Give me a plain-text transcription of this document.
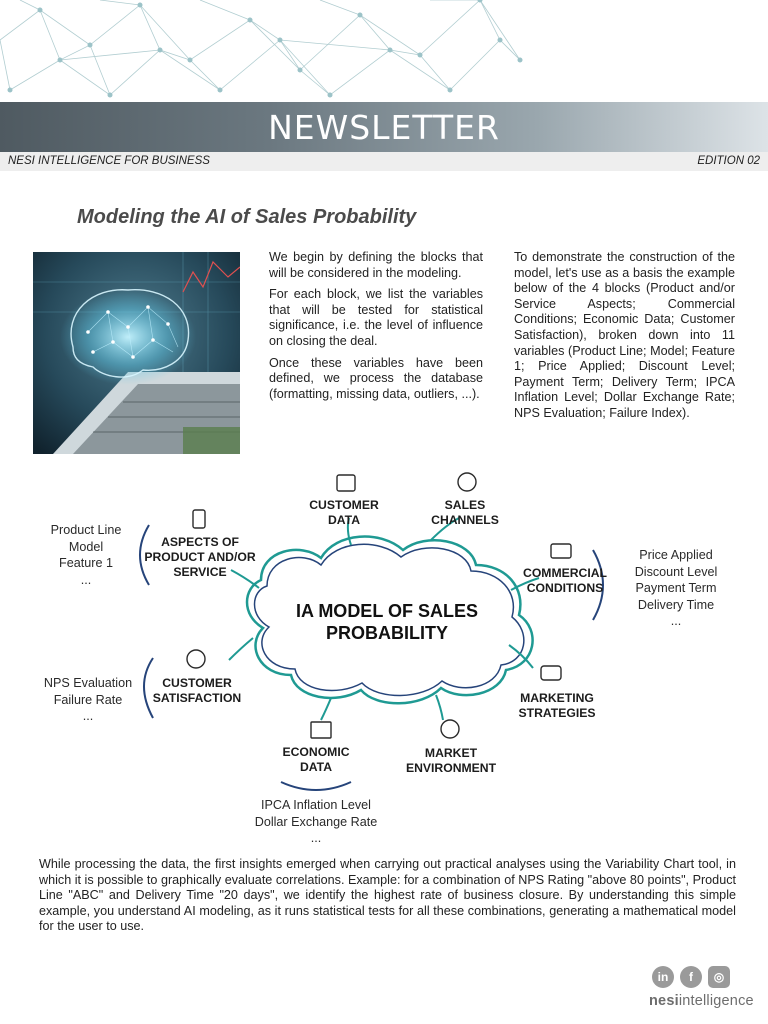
NEWSLETTER
NESI INTELLIGENCE FOR BUSINESS	EDITION 02
Modeling the AI of Sales Probability

We begin by defining the blocks that will be considered in the modeling.

For each block, we list the variables that will be tested for statistical significance, i.e. the level of influence on closing the deal.

Once these variables have been defined, we process the database (formatting, missing data, outliers, ...).

To demonstrate the construction of the model, let's use as a basis the example below of the 4 blocks (Product and/or Service Aspects; Commercial Conditions; Economic Data; Customer Satisfaction), broken down into 11 variables (Product Line; Model; Feature 1; Price Applied; Discount Level; Payment Term; Delivery Term; IPCA Inflation Level; Dollar Exchange Rate; NPS Evaluation; Failure Index).

IA MODEL OF SALES
PROBABILITY
CUSTOMER
DATA
SALES
CHANNELS
ASPECTS OF
PRODUCT AND/OR
SERVICE	COMMERCIAL
CONDITIONS
CUSTOMER
SATISFACTION	MARKETING
STRATEGIES
ECONOMIC
DATA
MARKET
ENVIRONMENT
Product Line
Model
Feature 1
...
Price Applied
Discount Level
Payment Term
Delivery Time
...
NPS Evaluation
Failure Rate
...
IPCA Inflation Level
Dollar Exchange Rate
...
While processing the data, the first insights emerged when carrying out practical analyses using the Variability Chart tool, in which it is possible to graphically evaluate correlations. Example: for a combination of NPS Rating "above 80 points", Product Line "ABC" and Delivery Time "20 days", we identify the highest rate of business closure. By understanding this simple example, you understand AI modeling, as it runs statistical tests for all these combinations, generating a mathematical model for the user to use.
in	f	◎
nesiintelligence
